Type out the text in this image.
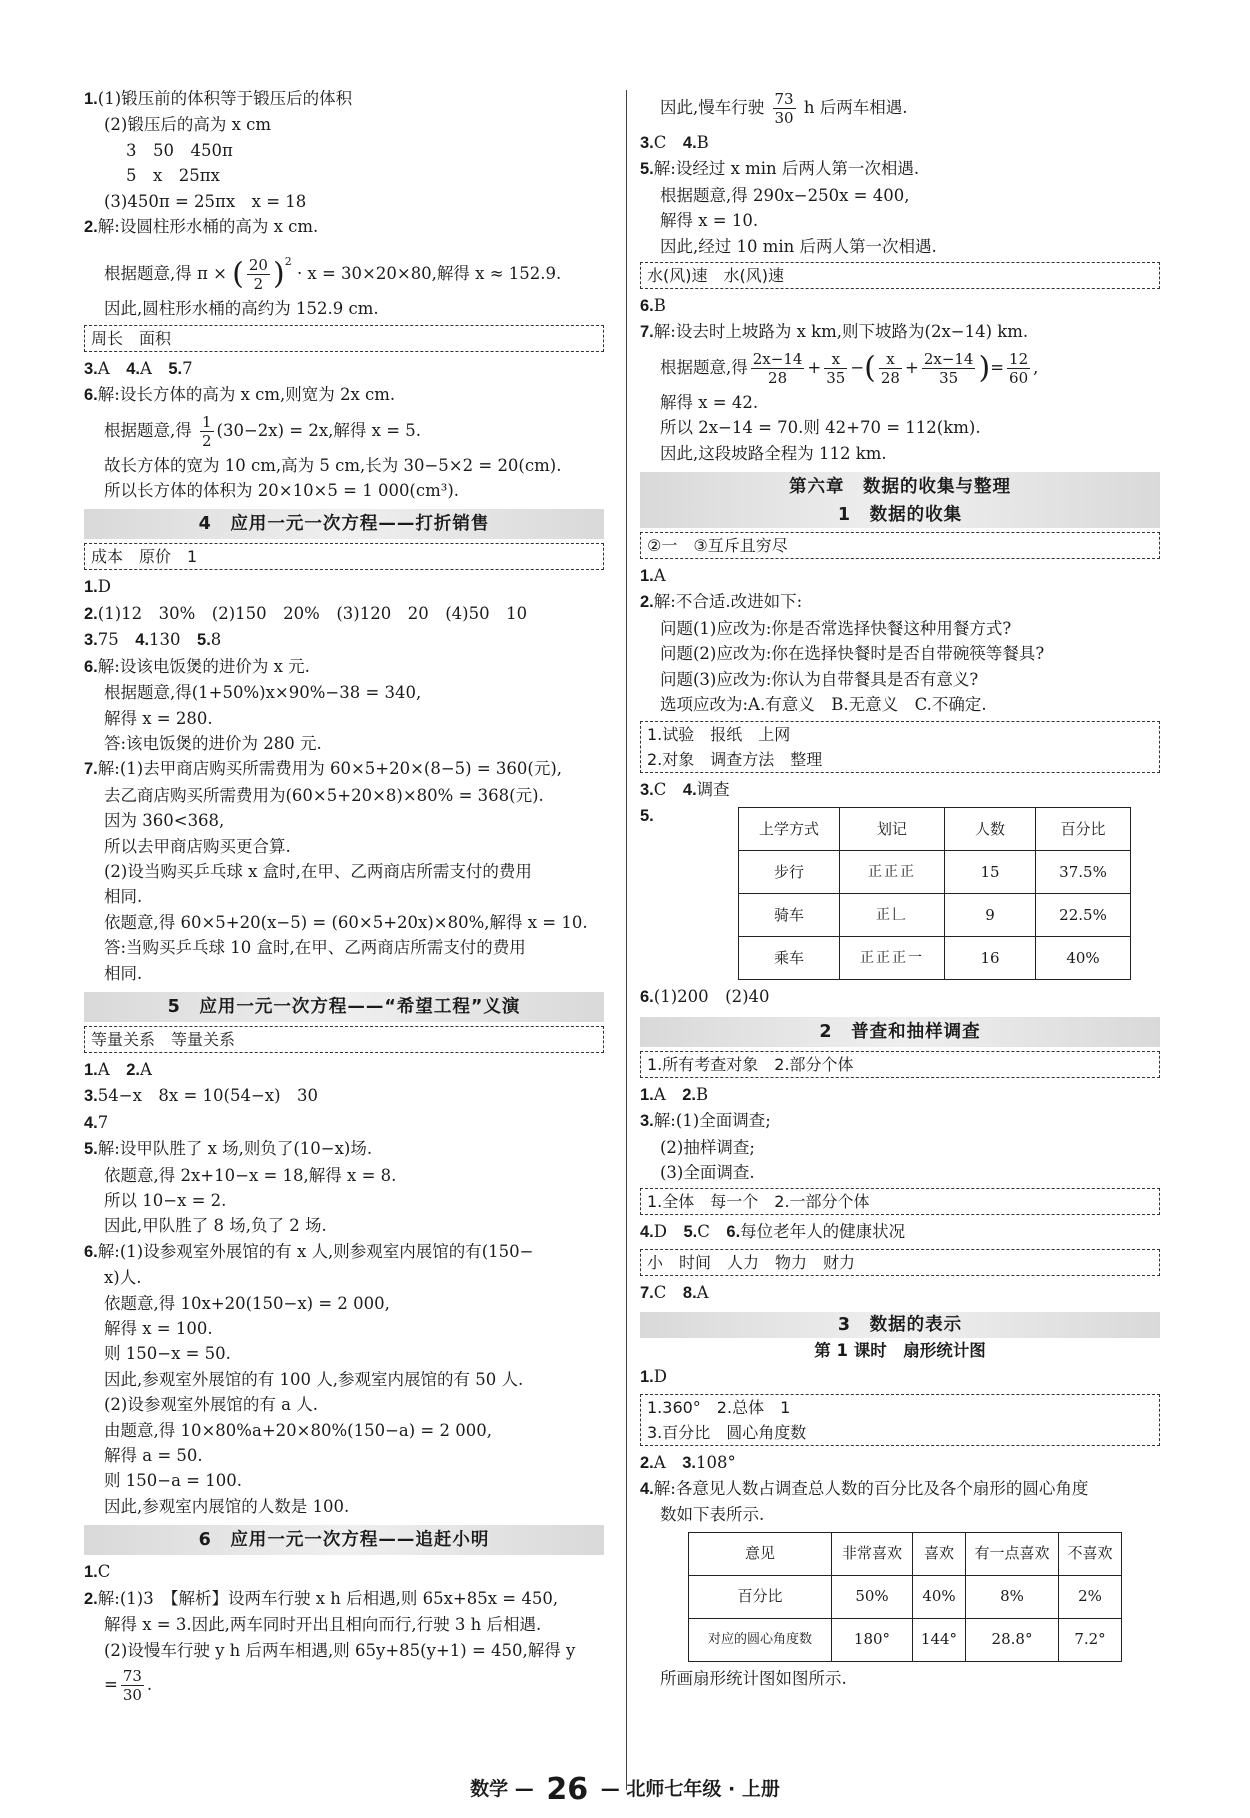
1.(1)锻压前的体积等于锻压后的体积
(2)锻压后的高为 x cm
3　50　450π
5　x　25πx
(3)450π = 25πx　x = 18
2.解:设圆柱形水桶的高为 x cm.
根据题意,得 π × ( $\frac{20}{2} )^2 \cdot x = 30\times 20\times 80$,解得 x ≈ 152.9.
因此,圆柱形水桶的高约为 152.9 cm.
周长　面积
3.A　4.A　5.7
6.解:设长方体的高为 x cm,则宽为 2x cm.
根据题意,得 $\frac{1}{2} (30-2x) = 2x$,解得 x = 5.
故长方体的宽为 10 cm,高为 5 cm,长为 30−5×2 = 20(cm).
所以长方体的体积为 20×10×5 = 1 000(cm³).
4　应用一元一次方程——打折销售
成本　原价　1
1.D
2.(1)12　30%　(2)150　20%　(3)120　20　(4)50　10
3.75　4.130　5.8
6.解:设该电饭煲的进价为 x 元.
根据题意,得(1+50%)x×90%−38 = 340,
解得 x = 280.
答:该电饭煲的进价为 280 元.
7.解:(1)去甲商店购买所需费用为 60×5+20×(8−5) = 360(元),
去乙商店购买所需费用为(60×5+20×8)×80% = 368(元).
因为 360<368,
所以去甲商店购买更合算.
(2)设当购买乒乓球 x 盒时,在甲、乙两商店所需支付的费用
相同.
依题意,得 60×5+20(x−5) = (60×5+20x)×80%,解得 x = 10.
答:当购买乒乓球 10 盒时,在甲、乙两商店所需支付的费用
相同.
5　应用一元一次方程——“希望工程”义演
等量关系　等量关系
1.A　2.A
3.54−x　8x = 10(54−x)　30
4.7
5.解:设甲队胜了 x 场,则负了(10−x)场.
依题意,得 2x+10−x = 18,解得 x = 8.
所以 10−x = 2.
因此,甲队胜了 8 场,负了 2 场.
6.解:(1)设参观室外展馆的有 x 人,则参观室内展馆的有(150−
x)人.
依题意,得 10x+20(150−x) = 2 000,
解得 x = 100.
则 150−x = 50.
因此,参观室外展馆的有 100 人,参观室内展馆的有 50 人.
(2)设参观室外展馆的有 a 人.
由题意,得 10×80%a+20×80%(150−a) = 2 000,
解得 a = 50.
则 150−a = 100.
因此,参观室内展馆的人数是 100.
6　应用一元一次方程——追赶小明
1.C
2.解:(1)3　【解析】设两车行驶 x h 后相遇,则 65x+85x = 450,
解得 x = 3.因此,两车同时开出且相向而行,行驶 3 h 后相遇.
(2)设慢车行驶 y h 后两车相遇,则 65y+85(y+1) = 450,解得 y
= $\frac{73}{30}$ .
因此,慢车行驶 $\frac{73}{30}$ h 后两车相遇.
3.C　4.B
5.解:设经过 x min 后两人第一次相遇.
根据题意,得 290x−250x = 400,
解得 x = 10.
因此,经过 10 min 后两人第一次相遇.
水(风)速　水(风)速
6.B
7.解:设去时上坡路为 x km,则下坡路为(2x−14) km.
根据题意,得 $\frac{2x-14}{28} + \frac{x}{35}$ −( $\frac{x}{28} + \frac{2x-14}{35}$ )= $\frac{12}{60}$ ,
解得 x = 42.
所以 2x−14 = 70.则 42+70 = 112(km).
因此,这段坡路全程为 112 km.
第六章　数据的收集与整理
1　数据的收集
②一　③互斥且穷尽
1.A
2.解:不合适.改进如下:
问题(1)应改为:你是否常选择快餐这种用餐方式?
问题(2)应改为:你在选择快餐时是否自带碗筷等餐具?
问题(3)应改为:你认为自带餐具是否有意义?
选项应改为:A.有意义　B.无意义　C.不确定.
1.试验　报纸　上网
2.对象　调查方法　整理
3.C　4.调查
5.
上学方式	划记	人数	百分比
步行	正正正	15	37.5%
骑车	正𠃊	9	22.5%
乘车	正正正一	16	40%
6.(1)200　(2)40
2　普查和抽样调查
1.所有考查对象　2.部分个体
1.A　2.B
3.解:(1)全面调查;
(2)抽样调查;
(3)全面调查.
1.全体　每一个　2.一部分个体
4.D　5.C　6.每位老年人的健康状况
小　时间　人力　物力　财力
7.C　8.A
3　数据的表示
第 1 课时　扇形统计图
1.D
1.360°　2.总体　1
3.百分比　圆心角度数
2.A　3.108°
4.解:各意见人数占调查总人数的百分比及各个扇形的圆心角度
数如下表所示.
意见	非常喜欢	喜欢	有一点喜欢	不喜欢
百分比	50%	40%	8%	2%
对应的圆心角度数	180°	144°	28.8°	7.2°
所画扇形统计图如图所示.
数学 — 26 — 北师七年级 · 上册
